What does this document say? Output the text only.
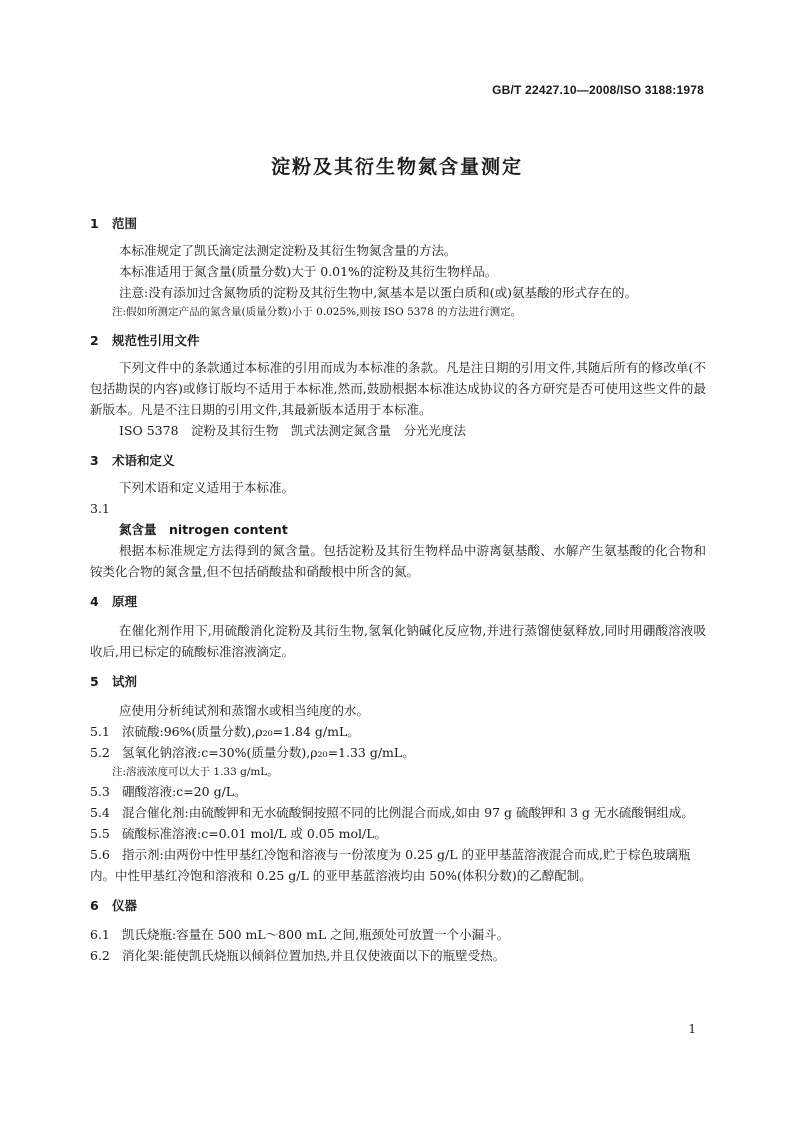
GB/T 22427.10—2008/ISO 3188:1978
淀粉及其衍生物氮含量测定
1 范围

本标准规定了凯氏滴定法测定淀粉及其衍生物氮含量的方法。

本标准适用于氮含量(质量分数)大于 0.01%的淀粉及其衍生物样品。

注意:没有添加过含氮物质的淀粉及其衍生物中,氮基本是以蛋白质和(或)氨基酸的形式存在的。

注:假如所测定产品的氮含量(质量分数)小于 0.025%,则按 ISO 5378 的方法进行测定。

2 规范性引用文件

下列文件中的条款通过本标准的引用而成为本标准的条款。凡是注日期的引用文件,其随后所有的修改单(不包括勘误的内容)或修订版均不适用于本标准,然而,鼓励根据本标准达成协议的各方研究是否可使用这些文件的最新版本。凡是不注日期的引用文件,其最新版本适用于本标准。

ISO 5378　淀粉及其衍生物　凯式法测定氮含量　分光光度法

3 术语和定义

下列术语和定义适用于本标准。

3.1

氮含量　nitrogen content

根据本标准规定方法得到的氮含量。包括淀粉及其衍生物样品中游离氨基酸、水解产生氨基酸的化合物和铵类化合物的氮含量,但不包括硝酸盐和硝酸根中所含的氮。

4 原理

在催化剂作用下,用硫酸消化淀粉及其衍生物,氢氧化钠碱化反应物,并进行蒸馏使氨释放,同时用硼酸溶液吸收后,用已标定的硫酸标准溶液滴定。

5 试剂

应使用分析纯试剂和蒸馏水或相当纯度的水。

5.1 浓硫酸:96%(质量分数),ρ₂₀=1.84 g/mL。

5.2 氢氧化钠溶液:c=30%(质量分数),ρ₂₀=1.33 g/mL。

注:溶液浓度可以大于 1.33 g/mL。

5.3 硼酸溶液:c=20 g/L。

5.4 混合催化剂:由硫酸钾和无水硫酸铜按照不同的比例混合而成,如由 97 g 硫酸钾和 3 g 无水硫酸铜组成。

5.5 硫酸标准溶液:c=0.01 mol/L 或 0.05 mol/L。

5.6 指示剂:由两份中性甲基红冷饱和溶液与一份浓度为 0.25 g/L 的亚甲基蓝溶液混合而成,贮于棕色玻璃瓶内。中性甲基红冷饱和溶液和 0.25 g/L 的亚甲基蓝溶液均由 50%(体积分数)的乙醇配制。

6 仪器

6.1 凯氏烧瓶:容量在 500 mL～800 mL 之间,瓶颈处可放置一个小漏斗。

6.2 消化架:能使凯氏烧瓶以倾斜位置加热,并且仅使液面以下的瓶壁受热。

1
